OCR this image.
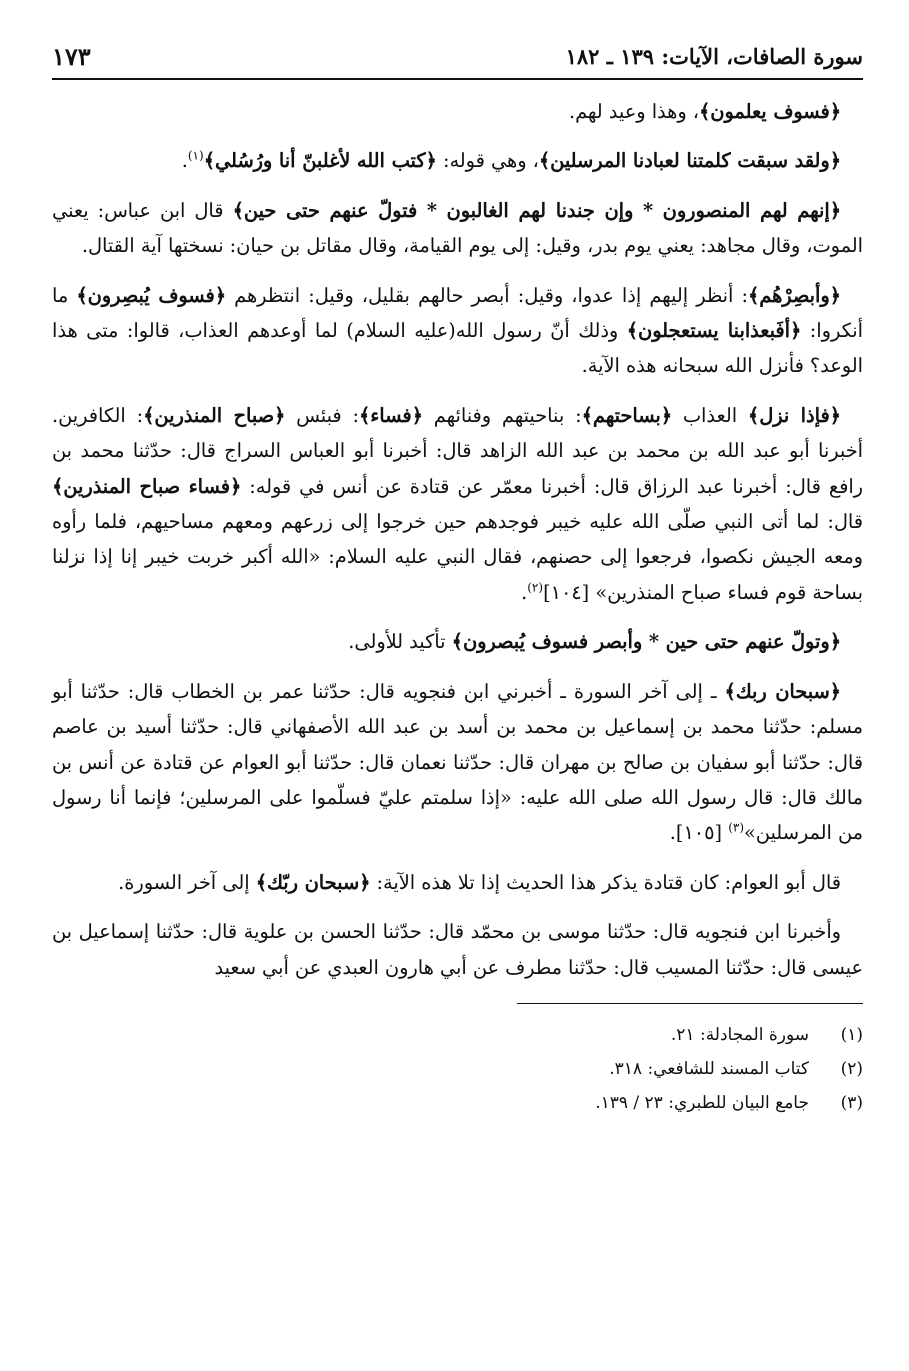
سورة الصافات، الآيات: ١٣٩ ـ ١٨٢
١٧٣

﴿فسوف يعلمون﴾، وهذا وعيد لهم.

﴿ولقد سبقت كلمتنا لعبادنا المرسلين﴾، وهي قوله: ﴿كتب الله لأغلبنّ أنا ورُسُلي﴾$^{(١)}$.

﴿إنهم لهم المنصورون * وإن جندنا لهم الغالبون * فتولّ عنهم حتى حين﴾ قال ابن عباس: يعني الموت، وقال مجاهد: يعني يوم بدر، وقيل: إلى يوم القيامة، وقال مقاتل بن حيان: نسختها آية القتال.

﴿وأبصِرْهُم﴾: أنظر إليهم إذا عدوا، وقيل: أبصر حالهم بقليل، وقيل: انتظرهم ﴿فسوف يُبصِرون﴾ ما أنكروا: ﴿أفَبعذابنا يستعجلون﴾ وذلك أنّ رسول الله(عليه السلام) لما أوعدهم العذاب، قالوا: متى هذا الوعد؟ فأنزل الله سبحانه هذه الآية.

﴿فإذا نزل﴾ العذاب ﴿بساحتهم﴾: بناحيتهم وفنائهم ﴿فساء﴾: فبئس ﴿صباح المنذرين﴾: الكافرين. أخبرنا أبو عبد الله بن محمد بن عبد الله الزاهد قال: أخبرنا أبو العباس السراج قال: حدّثنا محمد بن رافع قال: أخبرنا عبد الرزاق قال: أخبرنا معمّر عن قتادة عن أنس في قوله: ﴿فساء صباح المنذرين﴾ قال: لما أتى النبي صلّى الله عليه خيبر فوجدهم حين خرجوا إلى زرعهم ومعهم مساحيهم، فلما رأوه ومعه الجيش نكصوا، فرجعوا إلى حصنهم، فقال النبي عليه السلام: «الله أكبر خربت خيبر إنا إذا نزلنا بساحة قوم فساء صباح المنذرين» [١٠٤]$^{(٢)}$.

﴿وتولّ عنهم حتى حين * وأبصر فسوف يُبصرون﴾ تأكيد للأولى.

﴿سبحان ربك﴾ ـ إلى آخر السورة ـ أخبرني ابن فنجويه قال: حدّثنا عمر بن الخطاب قال: حدّثنا أبو مسلم: حدّثنا محمد بن إسماعيل بن محمد بن أسد بن عبد الله الأصفهاني قال: حدّثنا أسيد بن عاصم قال: حدّثنا أبو سفيان بن صالح بن مهران قال: حدّثنا نعمان قال: حدّثنا أبو العوام عن قتادة عن أنس بن مالك قال: قال رسول الله صلى الله عليه: «إذا سلمتم عليّ فسلّموا على المرسلين؛ فإنما أنا رسول من المرسلين»$^{(٣)}$ [١٠٥].

قال أبو العوام: كان قتادة يذكر هذا الحديث إذا تلا هذه الآية: ﴿سبحان ربّك﴾ إلى آخر السورة.

وأخبرنا ابن فنجويه قال: حدّثنا موسى بن محمّد قال: حدّثنا الحسن بن علوية قال: حدّثنا إسماعيل بن عيسى قال: حدّثنا المسيب قال: حدّثنا مطرف عن أبي هارون العبدي عن أبي سعيد

(١)
سورة المجادلة: ٢١.
(٢)
كتاب المسند للشافعي: ٣١٨.
(٣)
جامع البيان للطبري: ٢٣ / ١٣٩.
